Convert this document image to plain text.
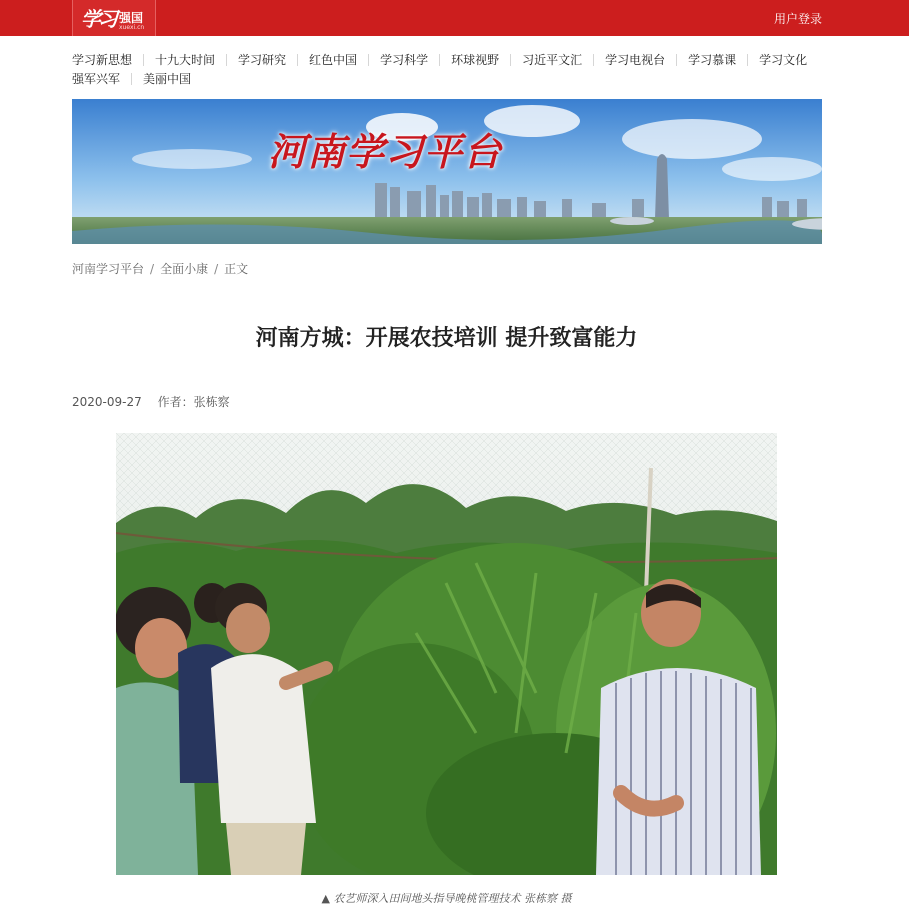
学习 强国
xuexi.cn
用户登录
学习新思想 十九大时间 学习研究 红色中国 学习科学 环球视野 习近平文汇 学习电视台 学习慕课 学习文化
强军兴军 美丽中国
河南学习平台
河南学习平台 / 全面小康 / 正文
河南方城：开展农技培训 提升致富能力
2020-09-27 作者：张栋察
▲ 农艺师深入田间地头指导晚桃管理技术 张栋察 摄
